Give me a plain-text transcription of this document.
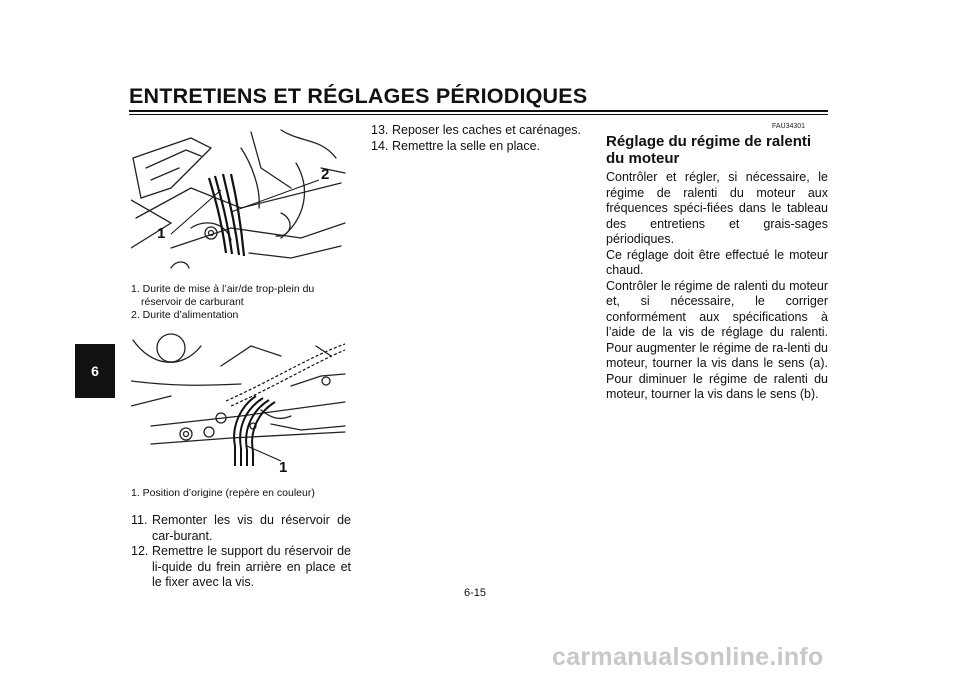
ENTRETIENS ET RÉGLAGES PÉRIODIQUES
6
1
2
1. Durite de mise à l’air/de trop-plein du réservoir de carburant
2. Durite d’alimentation
1
1. Position d’origine (repère en couleur)
11. Remonter les vis du réservoir de car-burant.
12. Remettre le support du réservoir de li-quide du frein arrière en place et le fixer avec la vis.
13. Reposer les caches et carénages.
14. Remettre la selle en place.
FAU34301
Réglage du régime de ralenti du moteur

Contrôler et régler, si nécessaire, le régime de ralenti du moteur aux fréquences spéci-fiées dans le tableau des entretiens et grais-sages périodiques.

Ce réglage doit être effectué le moteur chaud.

Contrôler le régime de ralenti du moteur et, si nécessaire, le corriger conformément aux spécifications à l’aide de la vis de réglage du ralenti. Pour augmenter le régime de ra-lenti du moteur, tourner la vis dans le sens (a). Pour diminuer le régime de ralenti du moteur, tourner la vis dans le sens (b).

6-15
carmanualsonline.info
